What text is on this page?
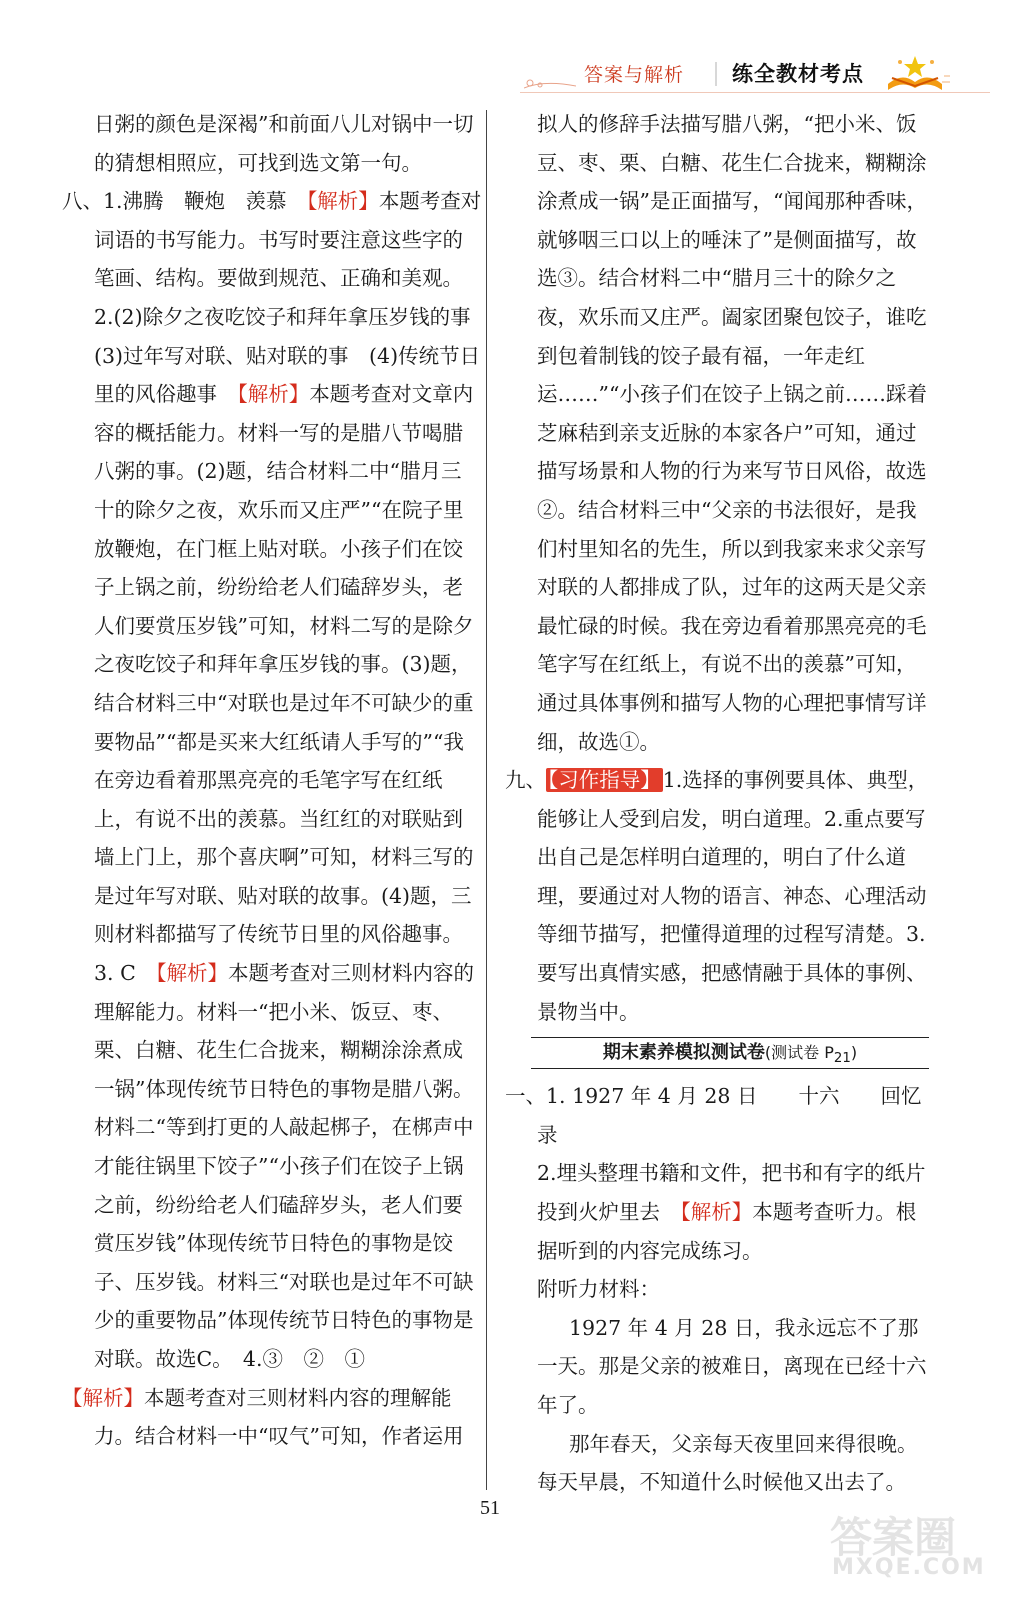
答案与解析 练全教材考点

日粥的颜色是深褐”和前面八儿对锅中一切的猜想相照应，可找到选文第一句。

八、1.沸腾　鞭炮　羡慕　 【解析】本题考查对词语的书写能力。书写时要注意这些字的笔画、结构。要做到规范、正确和美观。

2.(2)除夕之夜吃饺子和拜年拿压岁钱的事　(3)过年写对联、贴对联的事　(4)传统节日里的风俗趣事　 【解析】本题考查对文章内容的概括能力。材料一写的是腊八节喝腊八粥的事。(2)题，结合材料二中“腊月三十的除夕之夜，欢乐而又庄严”“在院子里放鞭炮，在门框上贴对联。小孩子们在饺子上锅之前，纷纷给老人们磕辞岁头，老人们要赏压岁钱”可知，材料二写的是除夕之夜吃饺子和拜年拿压岁钱的事。(3)题，结合材料三中“对联也是过年不可缺少的重要物品”“都是买来大红纸请人手写的”“我在旁边看着那黑亮亮的毛笔字写在红纸上，有说不出的羡慕。当红红的对联贴到墙上门上，那个喜庆啊”可知，材料三写的是过年写对联、贴对联的故事。(4)题，三则材料都描写了传统节日里的风俗趣事。　3. C　【解析】本题考查对三则材料内容的理解能力。材料一“把小米、饭豆、枣、栗、白糖、花生仁合拢来，糊糊涂涂煮成一锅”体现传统节日特色的事物是腊八粥。材料二“等到打更的人敲起梆子，在梆声中才能往锅里下饺子”“小孩子们在饺子上锅之前，纷纷给老人们磕辞岁头，老人们要赏压岁钱”体现传统节日特色的事物是饺子、压岁钱。材料三“对联也是过年不可缺少的重要物品”体现传统节日特色的事物是对联。故选C。　4.③　②　①

【解析】本题考查对三则材料内容的理解能力。结合材料一中“叹气”可知，作者运用

拟人的修辞手法描写腊八粥，“把小米、饭豆、枣、栗、白糖、花生仁合拢来，糊糊涂涂煮成一锅”是正面描写，“闻闻那种香味，就够咽三口以上的唾沫了”是侧面描写，故选③。结合材料二中“腊月三十的除夕之夜，欢乐而又庄严。阖家团聚包饺子，谁吃到包着制钱的饺子最有福，一年走红运……”“小孩子们在饺子上锅之前……踩着芝麻秸到亲支近脉的本家各户”可知，通过描写场景和人物的行为来写节日风俗，故选②。结合材料三中“父亲的书法很好，是我们村里知名的先生，所以到我家来求父亲写对联的人都排成了队，过年的这两天是父亲最忙碌的时候。我在旁边看着那黑亮亮的毛笔字写在红纸上，有说不出的羡慕”可知，通过具体事例和描写人物的心理把事情写详细，故选①。

九、【习作指导】1.选择的事例要具体、典型，能够让人受到启发，明白道理。2.重点要写出自己是怎样明白道理的，明白了什么道理，要通过对人物的语言、神态、心理活动等细节描写，把懂得道理的过程写清楚。3.要写出真情实感，把感情融于具体的事例、景物当中。

期末素养模拟测试卷(测试卷 $P_{21}$)

一、1. 1927 年 4 月 28 日　　十六　　回忆录

2.埋头整理书籍和文件，把书和有字的纸片投到火炉里去　【解析】本题考查听力。根据听到的内容完成练习。

附听力材料：

1927 年 4 月 28 日，我永远忘不了那一天。那是父亲的被难日，离现在已经十六年了。

那年春天，父亲每天夜里回来得很晚。每天早晨，不知道什么时候他又出去了。

51
答案圈
MXQE.COM
